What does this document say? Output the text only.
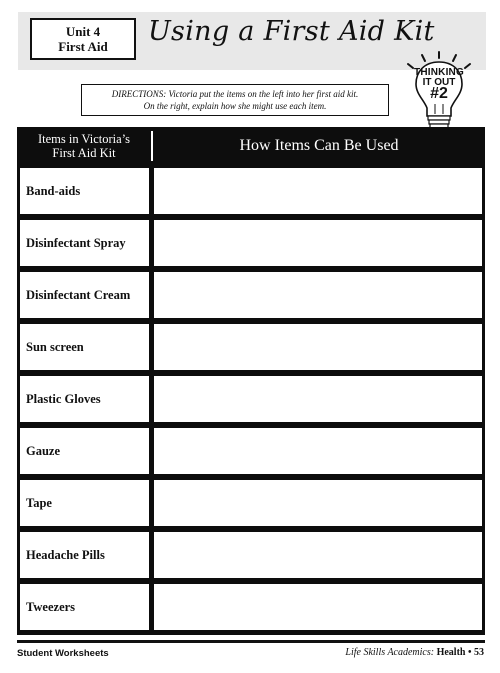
Unit 4
First Aid Using a First Aid Kit
THINKING
IT OUT
#2
DIRECTIONS: Victoria put the items on the left into her first aid kit.
On the right, explain how she might use each item.
Items in Victoria’s
First Aid Kit	How Items Can Be Used
Band-aids
Disinfectant Spray
Disinfectant Cream
Sun screen
Plastic Gloves
Gauze
Tape
Headache Pills
Tweezers
Student Worksheets	Life Skills Academics: Health • 53
